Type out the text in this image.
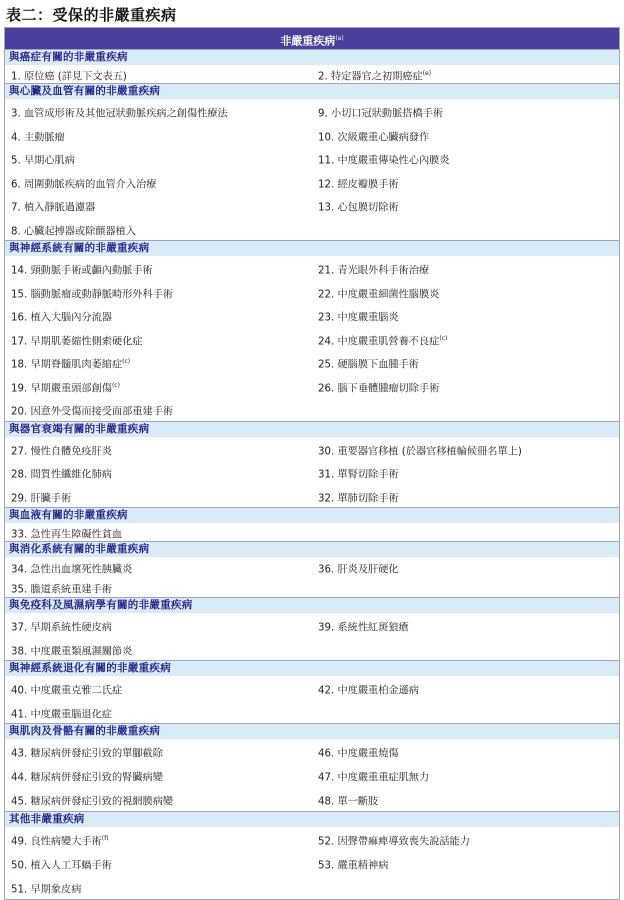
表二：受保的非嚴重疾病
非嚴重疾病$^{(a)}$
與癌症有關的非嚴重疾病
1. 原位癌 (詳見下文表五)	2. 特定器官之初期癌症$^{(e)}$
與心臟及血管有關的非嚴重疾病
3. 血管成形術及其他冠狀動脈疾病之創傷性療法	9. 小切口冠狀動脈搭橋手術
4. 主動脈瘤	10. 次級嚴重心臟病發作
5. 早期心肌病	11. 中度嚴重傳染性心內膜炎
6. 周圍動脈疾病的血管介入治療	12. 經皮瓣膜手術
7. 植入靜脈過濾器	13. 心包膜切除術
8. 心臟起搏器或除顫器植入
與神經系統有關的非嚴重疾病
14. 頸動脈手術或顱內動脈手術	21. 青光眼外科手術治療
15. 腦動脈瘤或動靜脈畸形外科手術	22. 中度嚴重細菌性腦膜炎
16. 植入大腦內分流器	23. 中度嚴重腦炎
17. 早期肌萎縮性側索硬化症	24. 中度嚴重肌營養不良症$^{(c)}$
18. 早期脊髓肌肉萎縮症$^{(c)}$	25. 硬腦膜下血腫手術
19. 早期嚴重頭部創傷$^{(c)}$	26. 腦下垂體腫瘤切除手術
20. 因意外受傷而接受面部重建手術
與器官衰竭有關的非嚴重疾病
27. 慢性自體免疫肝炎	30. 重要器官移植 (於器官移植輪候冊名單上)
28. 間質性纖維化肺病	31. 單腎切除手術
29. 肝臟手術	32. 單肺切除手術
與血液有關的非嚴重疾病
33. 急性再生障礙性貧血
與消化系統有關的非嚴重疾病
34. 急性出血壞死性胰臟炎	36. 肝炎及肝硬化
35. 膽道系統重建手術
與免疫科及風濕病學有關的非嚴重疾病
37. 早期系統性硬皮病	39. 系統性紅斑狼瘡
38. 中度嚴重類風濕關節炎
與神經系統退化有關的非嚴重疾病
40. 中度嚴重克雅二氏症	42. 中度嚴重柏金遜病
41. 中度嚴重腦退化症
與肌肉及骨骼有關的非嚴重疾病
43. 糖尿病併發症引致的單腳截除	46. 中度嚴重燒傷
44. 糖尿病併發症引致的腎臟病變	47. 中度嚴重重症肌無力
45. 糖尿病併發症引致的視網膜病變	48. 單一斷肢
其他非嚴重疾病
49. 良性病變大手術$^{(f)}$	52. 因聲帶痲痺導致喪失說話能力
50. 植入人工耳蝸手術	53. 嚴重精神病
51. 早期象皮病
